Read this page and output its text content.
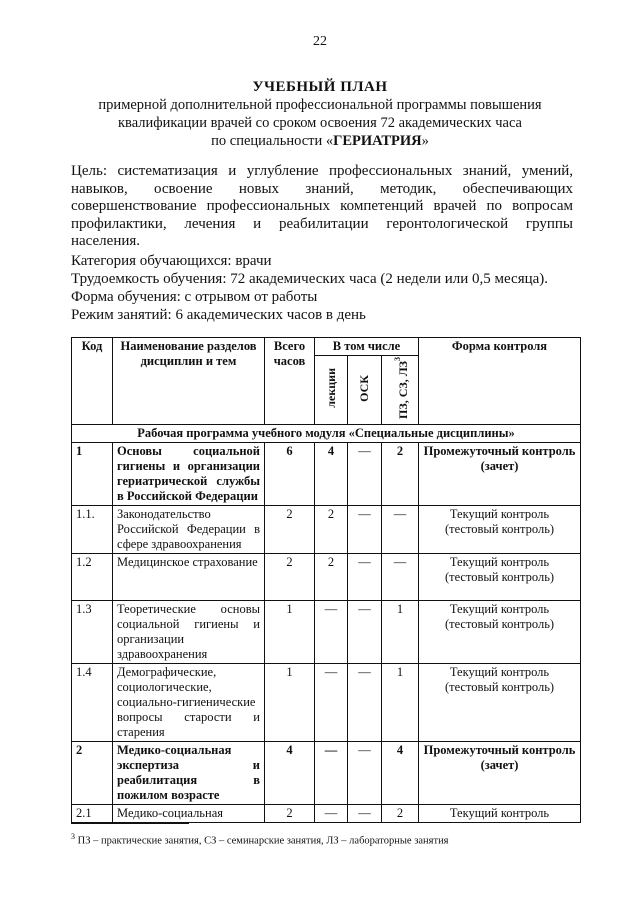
22
УЧЕБНЫЙ ПЛАН
примерной дополнительной профессиональной программы повышения
квалификации врачей со сроком освоения 72 академических часа
по специальности «ГЕРИАТРИЯ»
Цель: систематизация и углубление профессиональных знаний, умений, навыков, освоение новых знаний, методик, обеспечивающих совершенствование профессиональных компетенций врачей по вопросам профилактики, лечения и реабилитации геронтологической группы населения.
Категория обучающихся: врачи
Трудоемкость обучения: 72 академических часа (2 недели или 0,5 месяца).
Форма обучения: с отрывом от работы
Режим занятий: 6 академических часов в день
Код	Наименование разделов дисциплин и тем	Всего часов	В том числе			Форма контроля
			лекции	ОСК	ПЗ, СЗ, $ЛЗ^3$
Рабочая программа учебного модуля «Специальные дисциплины»						
1	Основы социальной гигиены и организации гериатрической службы в Российской Федерации	6	4	—	2	Промежуточный контроль (зачет)
1.1.	Законодательство Российской Федерации в сфере здравоохранения	2	2	—	—	Текущий контроль (тестовый контроль)
1.2	Медицинское страхование	2	2	—	—	Текущий контроль (тестовый контроль)
1.3	Теоретические основы социальной гигиены и организации здравоохранения	1	—	—	1	Текущий контроль (тестовый контроль)
1.4	Демографические, социологические, социально-гигиенические вопросы старости и старения	1	—	—	1	Текущий контроль (тестовый контроль)
2	Медико-социальная экспертиза и реабилитация в пожилом возрасте	4	—	—	4	Промежуточный контроль (зачет)
2.1	Медико-социальная	2	—	—	2	Текущий контроль
$^3$ ПЗ – практические занятия, СЗ – семинарские занятия, ЛЗ – лабораторные занятия
